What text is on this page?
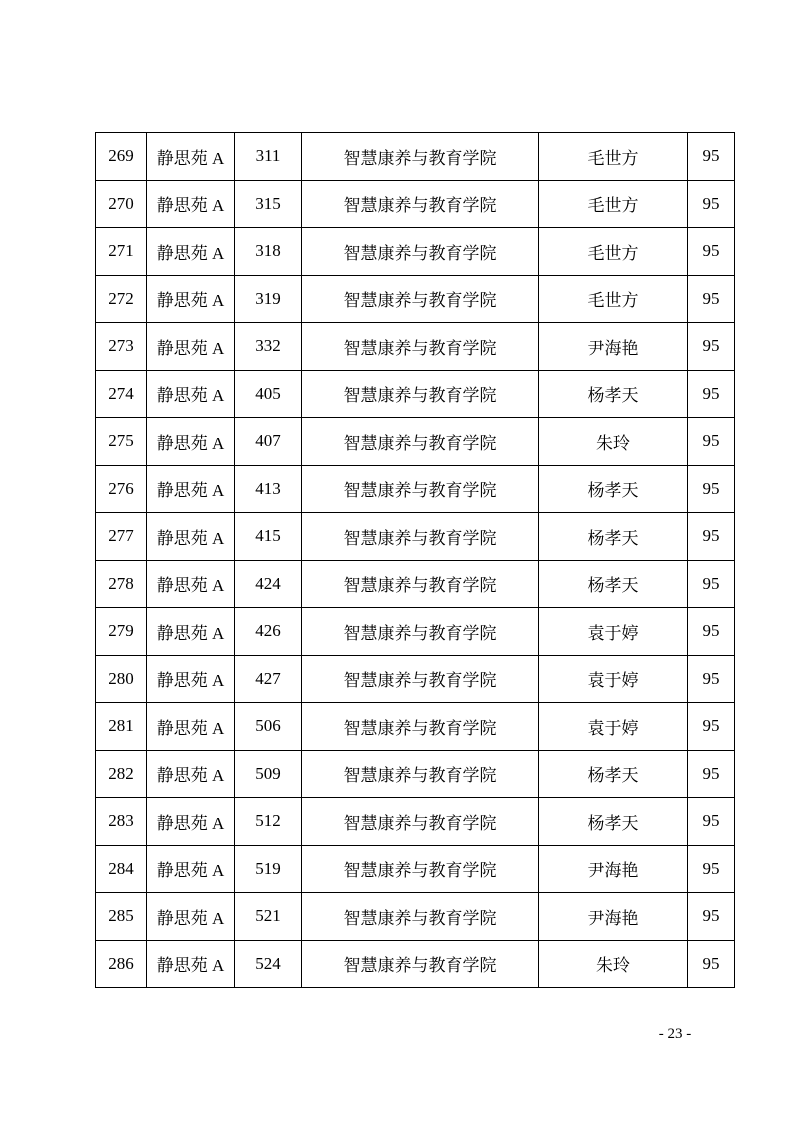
269	静思苑 A	311	智慧康养与教育学院	毛世方	95
270	静思苑 A	315	智慧康养与教育学院	毛世方	95
271	静思苑 A	318	智慧康养与教育学院	毛世方	95
272	静思苑 A	319	智慧康养与教育学院	毛世方	95
273	静思苑 A	332	智慧康养与教育学院	尹海艳	95
274	静思苑 A	405	智慧康养与教育学院	杨孝天	95
275	静思苑 A	407	智慧康养与教育学院	朱玲	95
276	静思苑 A	413	智慧康养与教育学院	杨孝天	95
277	静思苑 A	415	智慧康养与教育学院	杨孝天	95
278	静思苑 A	424	智慧康养与教育学院	杨孝天	95
279	静思苑 A	426	智慧康养与教育学院	袁于婷	95
280	静思苑 A	427	智慧康养与教育学院	袁于婷	95
281	静思苑 A	506	智慧康养与教育学院	袁于婷	95
282	静思苑 A	509	智慧康养与教育学院	杨孝天	95
283	静思苑 A	512	智慧康养与教育学院	杨孝天	95
284	静思苑 A	519	智慧康养与教育学院	尹海艳	95
285	静思苑 A	521	智慧康养与教育学院	尹海艳	95
286	静思苑 A	524	智慧康养与教育学院	朱玲	95
- 23 -
